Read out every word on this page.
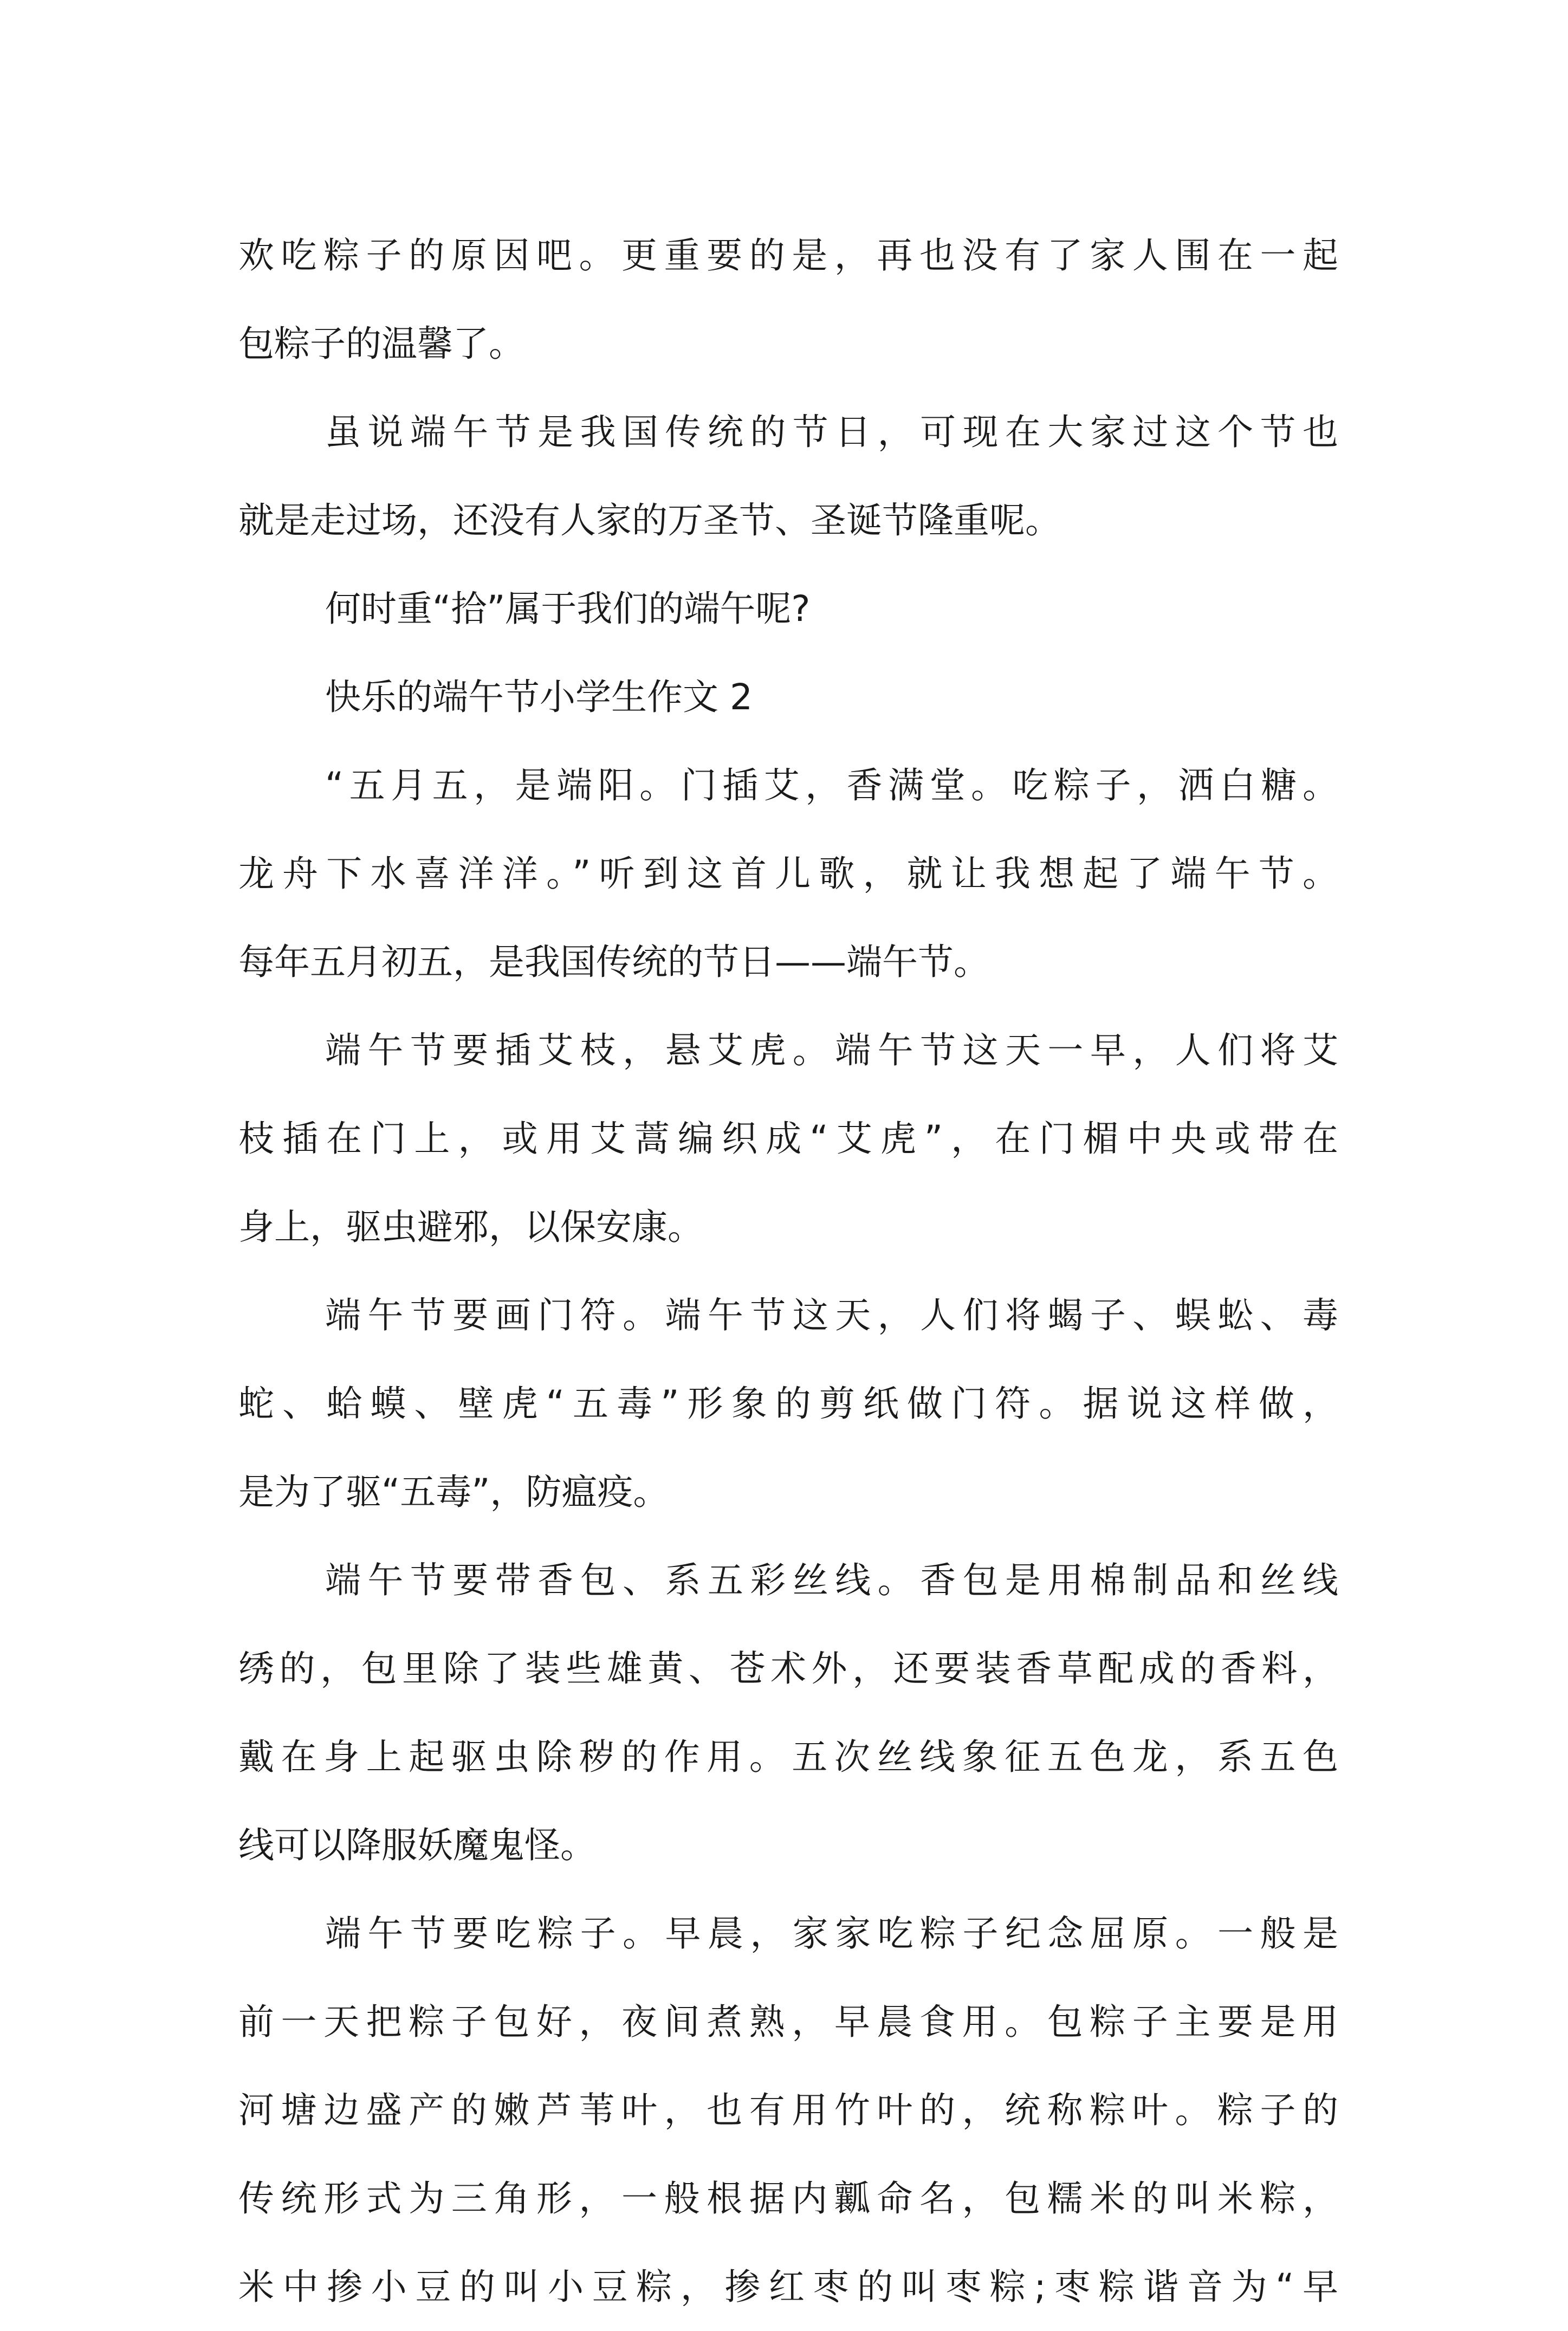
欢吃粽子的原因吧。更重要的是，再也没有了家人围在一起
包粽子的温馨了。
虽说端午节是我国传统的节日，可现在大家过这个节也
就是走过场，还没有人家的万圣节、圣诞节隆重呢。
何时重“拾”属于我们的端午呢?
快乐的端午节小学生作文 2
“五月五，是端阳。门插艾，香满堂。吃粽子，洒白糖。
龙舟下水喜洋洋。”听到这首儿歌，就让我想起了端午节。
每年五月初五，是我国传统的节日——端午节。
端午节要插艾枝，悬艾虎。端午节这天一早，人们将艾
枝插在门上，或用艾蒿编织成“艾虎”，在门楣中央或带在
身上，驱虫避邪，以保安康。
端午节要画门符。端午节这天，人们将蝎子、蜈蚣、毒
蛇、蛤蟆、壁虎“五毒”形象的剪纸做门符。据说这样做，
是为了驱“五毒”，防瘟疫。
端午节要带香包、系五彩丝线。香包是用棉制品和丝线
绣的，包里除了装些雄黄、苍术外，还要装香草配成的香料，
戴在身上起驱虫除秽的作用。五次丝线象征五色龙，系五色
线可以降服妖魔鬼怪。
端午节要吃粽子。早晨，家家吃粽子纪念屈原。一般是
前一天把粽子包好，夜间煮熟，早晨食用。包粽子主要是用
河塘边盛产的嫩芦苇叶，也有用竹叶的，统称粽叶。粽子的
传统形式为三角形，一般根据内瓤命名，包糯米的叫米粽，
米中掺小豆的叫小豆粽，掺红枣的叫枣粽;枣粽谐音为“早
